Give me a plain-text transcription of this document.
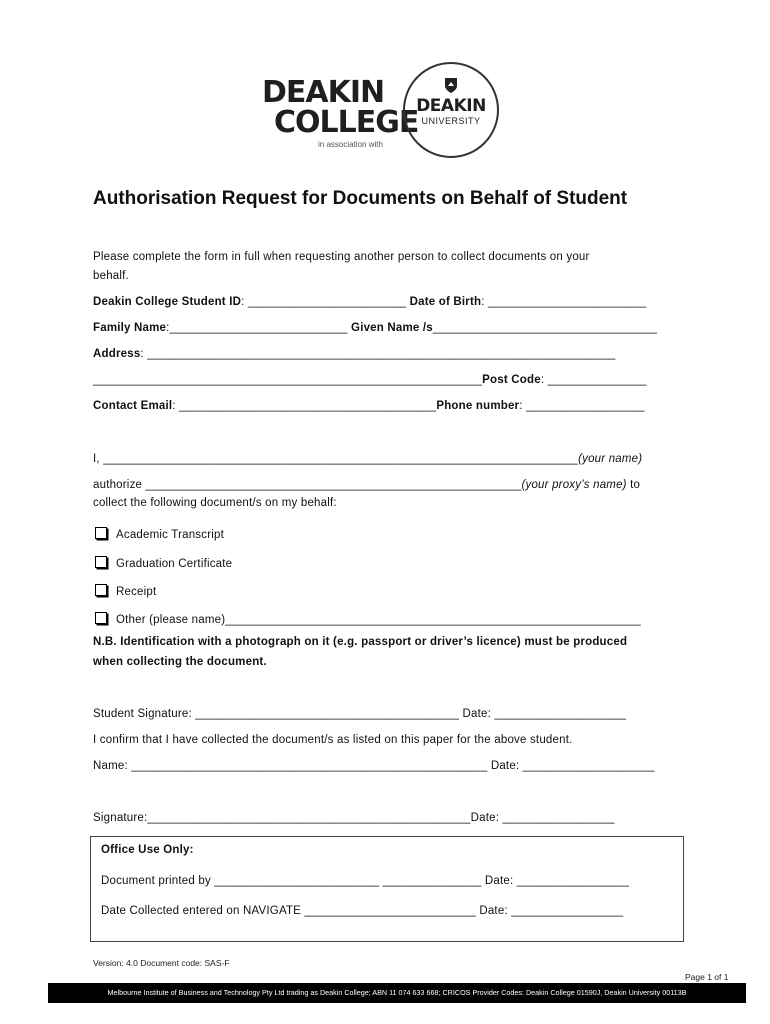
DEAKIN
COLLEGE
in association with
DEAKIN
UNIVERSITY
Authorisation Request for Documents on Behalf of Student
Please complete the form in full when requesting another person to collect documents on your
behalf.
Deakin College Student ID: ________________________ Date of Birth: ________________________
Family Name:___________________________ Given Name /s__________________________________
Address: _______________________________________________________________________
___________________________________________________________Post Code: _______________
Contact Email: _______________________________________Phone number: __________________
I, ________________________________________________________________________(your name)
authorize _________________________________________________________(your proxy’s name) to
collect the following document/s on my behalf:
Academic Transcript
Graduation Certificate
Receipt
Other (please name)_______________________________________________________________
N.B. Identification with a photograph on it (e.g. passport or driver’s licence) must be produced
when collecting the document.
Student Signature: ________________________________________ Date: ____________________
I confirm that I have collected the document/s as listed on this paper for the above student.
Name: ______________________________________________________ Date: ____________________
Signature:_________________________________________________Date: _________________
Office Use Only:
Document printed by _________________________ _______________ Date: _________________
Date Collected entered on NAVIGATE __________________________ Date: _________________
Version: 4.0 Document code: SAS-F
Page 1 of 1
Melbourne Institute of Business and Technology Pty Ltd trading as Deakin College; ABN 11 074 633 668; CRICOS Provider Codes: Deakin College 01590J, Deakin University 00113B
